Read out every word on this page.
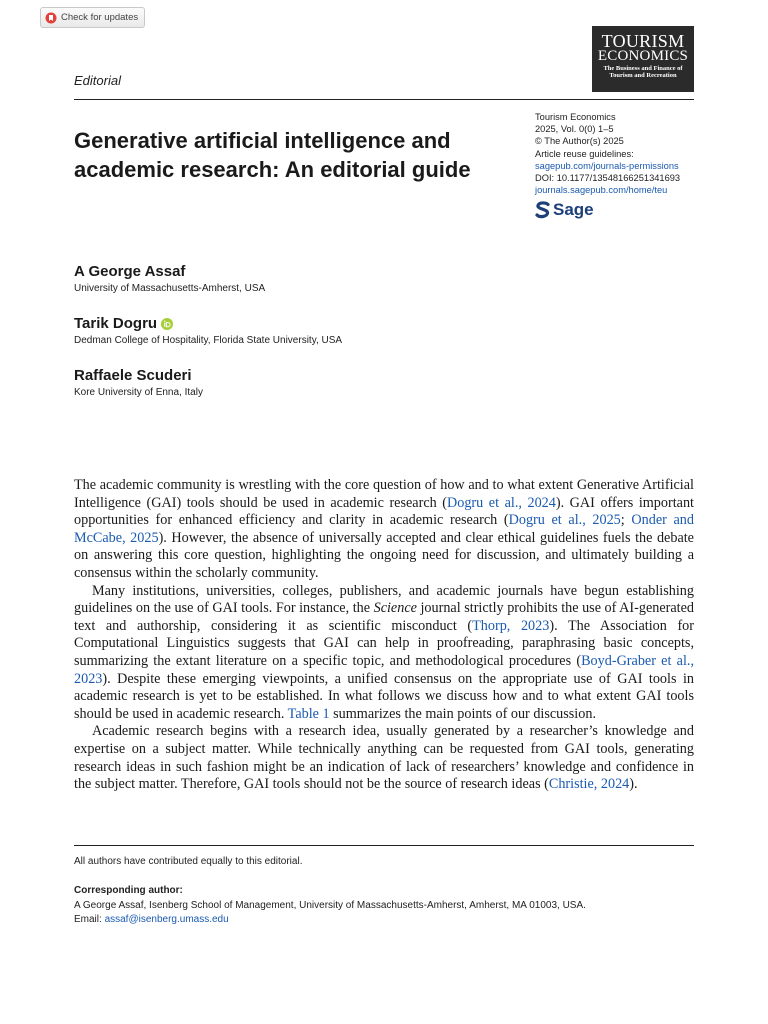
Check for updates
TOURISM
ECONOMICS
The Business and Finance of
Tourism and Recreation
Editorial
Generative artificial intelligence and academic research: An editorial guide
Tourism Economics
2025, Vol. 0(0) 1–5
© The Author(s) 2025
Article reuse guidelines:
sagepub.com/journals-permissions
DOI: 10.1177/13548166251341693
journals.sagepub.com/home/teu
Sage
A George Assaf
University of Massachusetts-Amherst, USA
Tarik Dogru
Dedman College of Hospitality, Florida State University, USA
Raffaele Scuderi
Kore University of Enna, Italy

The academic community is wrestling with the core question of how and to what extent Generative Artificial Intelligence (GAI) tools should be used in academic research (Dogru et al., 2024). GAI offers important opportunities for enhanced efficiency and clarity in academic research (Dogru et al., 2025; Onder and McCabe, 2025). However, the absence of universally accepted and clear ethical guidelines fuels the debate on answering this core question, highlighting the ongoing need for discussion, and ultimately building a consensus within the scholarly community.

Many institutions, universities, colleges, publishers, and academic journals have begun establishing guidelines on the use of GAI tools. For instance, the Science journal strictly prohibits the use of AI-generated text and authorship, considering it as scientific misconduct (Thorp, 2023). The Association for Computational Linguistics suggests that GAI can help in proofreading, paraphrasing basic concepts, summarizing the extant literature on a specific topic, and methodological procedures (Boyd-Graber et al., 2023). Despite these emerging viewpoints, a unified consensus on the appropriate use of GAI tools in academic research is yet to be established. In what follows we discuss how and to what extent GAI tools should be used in academic research. Table 1 summarizes the main points of our discussion.

Academic research begins with a research idea, usually generated by a researcher’s knowledge and expertise on a subject matter. While technically anything can be requested from GAI tools, generating research ideas in such fashion might be an indication of lack of researchers’ knowledge and confidence in the subject matter. Therefore, GAI tools should not be the source of research ideas (Christie, 2024).

All authors have contributed equally to this editorial.
Corresponding author:
A George Assaf, Isenberg School of Management, University of Massachusetts-Amherst, Amherst, MA 01003, USA.
Email: assaf@isenberg.umass.edu
